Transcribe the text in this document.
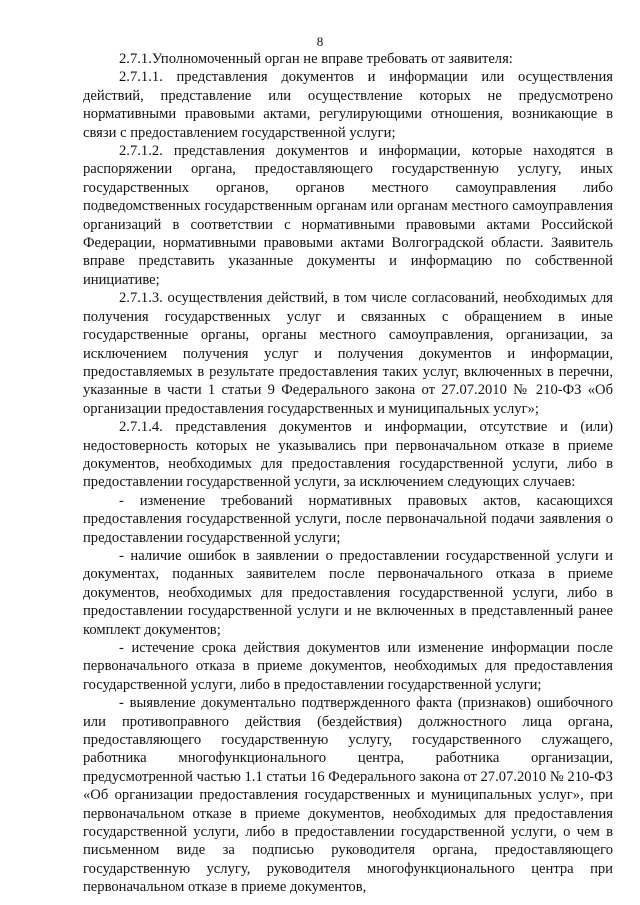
8

2.7.1.Уполномоченный орган не вправе требовать от заявителя:

2.7.1.1. представления документов и информации или осуществления действий, представление или осуществление которых не предусмотрено нормативными правовыми актами, регулирующими отношения, возникающие в связи с предоставлением государственной услуги;

2.7.1.2. представления документов и информации, которые находятся в распоряжении органа, предоставляющего государственную услугу, иных государственных органов, органов местного самоуправления либо подведомственных государственным органам или органам местного самоуправления организаций в соответствии с нормативными правовыми актами Российской Федерации, нормативными правовыми актами Волгоградской области. Заявитель вправе представить указанные документы и информацию по собственной инициативе;

2.7.1.3. осуществления действий, в том числе согласований, необходимых для получения государственных услуг и связанных с обращением в иные государственные органы, органы местного самоуправления, организации, за исключением получения услуг и получения документов и информации, предоставляемых в результате предоставления таких услуг, включенных в перечни, указанные в части 1 статьи 9 Федерального закона от 27.07.2010 № 210-ФЗ «Об организации предоставления государственных и муниципальных услуг»;

2.7.1.4. представления документов и информации, отсутствие и (или) недостоверность которых не указывались при первоначальном отказе в приеме документов, необходимых для предоставления государственной услуги, либо в предоставлении государственной услуги, за исключением следующих случаев:

- изменение требований нормативных правовых актов, касающихся предоставления государственной услуги, после первоначальной подачи заявления о предоставлении государственной услуги;

- наличие ошибок в заявлении о предоставлении государственной услуги и документах, поданных заявителем после первоначального отказа в приеме документов, необходимых для предоставления государственной услуги, либо в предоставлении государственной услуги и не включенных в представленный ранее комплект документов;

- истечение срока действия документов или изменение информации после первоначального отказа в приеме документов, необходимых для предоставления государственной услуги, либо в предоставлении государственной услуги;

- выявление документально подтвержденного факта (признаков) ошибочного или противоправного действия (бездействия) должностного лица органа, предоставляющего государственную услугу, государственного служащего, работника многофункционального центра, работника организации, предусмотренной частью 1.1 статьи 16 Федерального закона от 27.07.2010 № 210-ФЗ «Об организации предоставления государственных и муниципальных услуг», при первоначальном отказе в приеме документов, необходимых для предоставления государственной услуги, либо в предоставлении государственной услуги, о чем в письменном виде за подписью руководителя органа, предоставляющего государственную услугу, руководителя многофункционального центра при первоначальном отказе в приеме документов,
